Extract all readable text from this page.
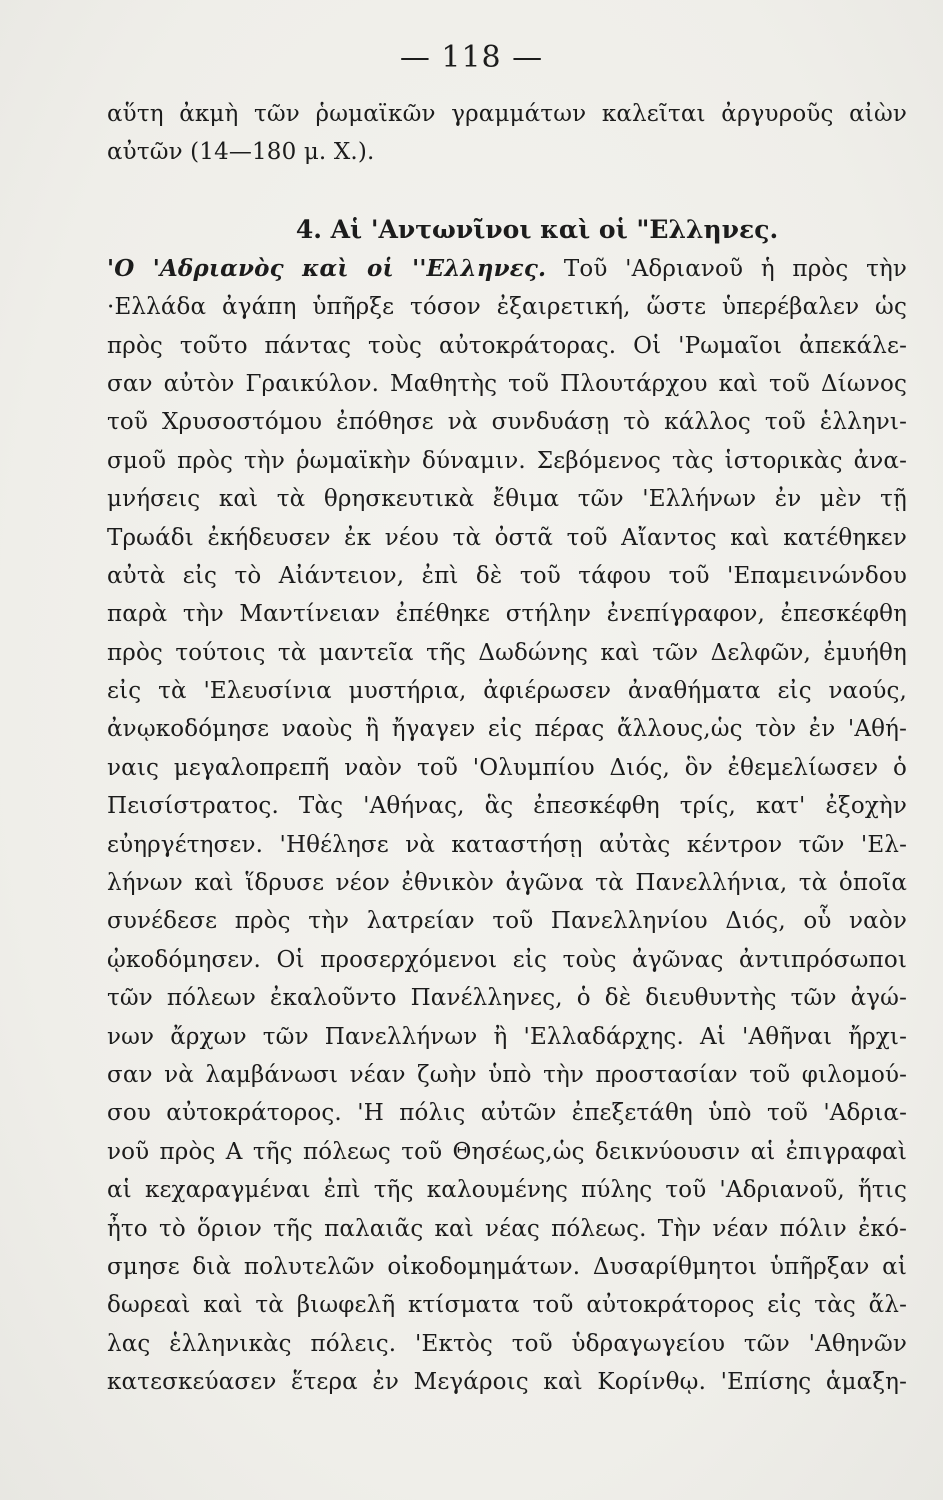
— 118 —
αὕτη ἀκμὴ τῶν ῥωμαϊκῶν γραμμάτων καλεῖται ἀργυροῦς αἰὼν
αὐτῶν (14—180 μ. Χ.).
4. Αἱ 'Αντωνῖνοι καὶ οἱ "Ελληνες.
'Ο 'Αδριανὸς καὶ οἱ ''Ελληνες. Τοῦ 'Αδριανοῦ ἡ πρὸς τὴν
·Ελλάδα ἀγάπη ὑπῆρξε τόσον ἐξαιρετική, ὥστε ὑπερέβαλεν ὡς
πρὸς τοῦτο πάντας τοὺς αὐτοκράτορας. Οἱ 'Ρωμαῖοι ἀπεκάλε-
σαν αὐτὸν Γραικύλον. Μαθητὴς τοῦ Πλουτάρχου καὶ τοῦ Δίωνος
τοῦ Χρυσοστόμου ἐπόθησε νὰ συνδυάσῃ τὸ κάλλος τοῦ ἑλληνι-
σμοῦ πρὸς τὴν ῥωμαϊκὴν δύναμιν. Σεβόμενος τὰς ἱστορικὰς ἀνα-
μνήσεις καὶ τὰ θρησκευτικὰ ἔθιμα τῶν 'Ελλήνων ἐν μὲν τῇ
Τρωάδι ἐκήδευσεν ἐκ νέου τὰ ὀστᾶ τοῦ Αἴαντος καὶ κατέθηκεν
αὐτὰ εἰς τὸ Αἰάντειον, ἐπὶ δὲ τοῦ τάφου τοῦ 'Επαμεινώνδου
παρὰ τὴν Μαντίνειαν ἐπέθηκε στήλην ἐνεπίγραφον, ἐπεσκέφθη
πρὸς τούτοις τὰ μαντεῖα τῆς Δωδώνης καὶ τῶν Δελφῶν, ἐμυήθη
εἰς τὰ 'Ελευσίνια μυστήρια, ἀφιέρωσεν ἀναθήματα εἰς ναούς,
ἀνῳκοδόμησε ναοὺς ἢ ἤγαγεν εἰς πέρας ἄλλους,ὡς τὸν ἐν 'Αθή-
ναις μεγαλοπρεπῆ ναὸν τοῦ 'Ολυμπίου Διός, ὃν ἐθεμελίωσεν ὁ
Πεισίστρατος. Τὰς 'Αθήνας, ἃς ἐπεσκέφθη τρίς, κατ' ἐξοχὴν
εὐηργέτησεν. 'Ηθέλησε νὰ καταστήσῃ αὐτὰς κέντρον τῶν 'Ελ-
λήνων καὶ ἵδρυσε νέον ἐθνικὸν ἀγῶνα τὰ Πανελλήνια, τὰ ὁποῖα
συνέδεσε πρὸς τὴν λατρείαν τοῦ Πανελληνίου Διός, οὗ ναὸν
ᾠκοδόμησεν. Οἱ προσερχόμενοι εἰς τοὺς ἀγῶνας ἀντιπρόσωποι
τῶν πόλεων ἐκαλοῦντο Πανέλληνες, ὁ δὲ διευθυντὴς τῶν ἀγώ-
νων ἄρχων τῶν Πανελλήνων ἢ 'Ελλαδάρχης. Αἱ 'Αθῆναι ἤρχι-
σαν νὰ λαμβάνωσι νέαν ζωὴν ὑπὸ τὴν προστασίαν τοῦ φιλομού-
σου αὐτοκράτορος. 'Η πόλις αὐτῶν ἐπεξετάθη ὑπὸ τοῦ 'Αδρια-
νοῦ πρὸς Α τῆς πόλεως τοῦ Θησέως,ὡς δεικνύουσιν αἱ ἐπιγραφαὶ
αἱ κεχαραγμέναι ἐπὶ τῆς καλουμένης πύλης τοῦ 'Αδριανοῦ, ἥτις
ἦτο τὸ ὅριον τῆς παλαιᾶς καὶ νέας πόλεως. Τὴν νέαν πόλιν ἐκό-
σμησε διὰ πολυτελῶν οἰκοδομημάτων. Δυσαρίθμητοι ὑπῆρξαν αἱ
δωρεαὶ καὶ τὰ βιωφελῆ κτίσματα τοῦ αὐτοκράτορος εἰς τὰς ἄλ-
λας ἑλληνικὰς πόλεις. 'Εκτὸς τοῦ ὑδραγωγείου τῶν 'Αθηνῶν
κατεσκεύασεν ἕτερα ἐν Μεγάροις καὶ Κορίνθῳ. 'Επίσης ἁμαξη-
